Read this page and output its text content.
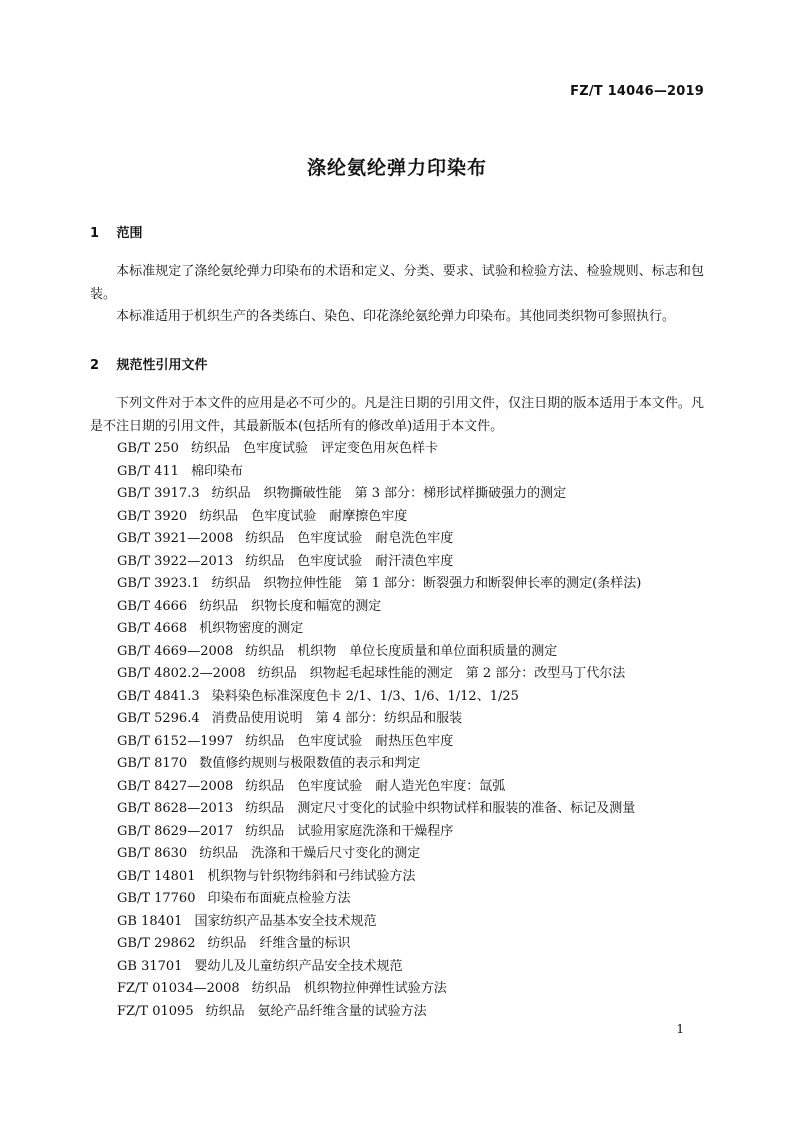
FZ/T 14046—2019
涤纶氨纶弹力印染布
1 范围
本标准规定了涤纶氨纶弹力印染布的术语和定义、分类、要求、试验和检验方法、检验规则、标志和包装。
本标准适用于机织生产的各类练白、染色、印花涤纶氨纶弹力印染布。其他同类织物可参照执行。
2 规范性引用文件
下列文件对于本文件的应用是必不可少的。凡是注日期的引用文件，仅注日期的版本适用于本文件。凡是不注日期的引用文件，其最新版本(包括所有的修改单)适用于本文件。
GB/T 250 纺织品　色牢度试验　评定变色用灰色样卡
GB/T 411 棉印染布
GB/T 3917.3 纺织品　织物撕破性能　第 3 部分：梯形试样撕破强力的测定
GB/T 3920 纺织品　色牢度试验　耐摩擦色牢度
GB/T 3921—2008 纺织品　色牢度试验　耐皂洗色牢度
GB/T 3922—2013 纺织品　色牢度试验　耐汗渍色牢度
GB/T 3923.1 纺织品　织物拉伸性能　第 1 部分：断裂强力和断裂伸长率的测定(条样法)
GB/T 4666 纺织品　织物长度和幅宽的测定
GB/T 4668 机织物密度的测定
GB/T 4669—2008 纺织品　机织物　单位长度质量和单位面积质量的测定
GB/T 4802.2—2008 纺织品　织物起毛起球性能的测定　第 2 部分：改型马丁代尔法
GB/T 4841.3 染料染色标准深度色卡 2/1、1/3、1/6、1/12、1/25
GB/T 5296.4 消费品使用说明　第 4 部分：纺织品和服装
GB/T 6152—1997 纺织品　色牢度试验　耐热压色牢度
GB/T 8170 数值修约规则与极限数值的表示和判定
GB/T 8427—2008 纺织品　色牢度试验　耐人造光色牢度：氙弧
GB/T 8628—2013 纺织品　测定尺寸变化的试验中织物试样和服装的准备、标记及测量
GB/T 8629—2017 纺织品　试验用家庭洗涤和干燥程序
GB/T 8630 纺织品　洗涤和干燥后尺寸变化的测定
GB/T 14801 机织物与针织物纬斜和弓纬试验方法
GB/T 17760 印染布布面疵点检验方法
GB 18401 国家纺织产品基本安全技术规范
GB/T 29862 纺织品　纤维含量的标识
GB 31701 婴幼儿及儿童纺织产品安全技术规范
FZ/T 01034—2008 纺织品　机织物拉伸弹性试验方法
FZ/T 01095 纺织品　氨纶产品纤维含量的试验方法
1
